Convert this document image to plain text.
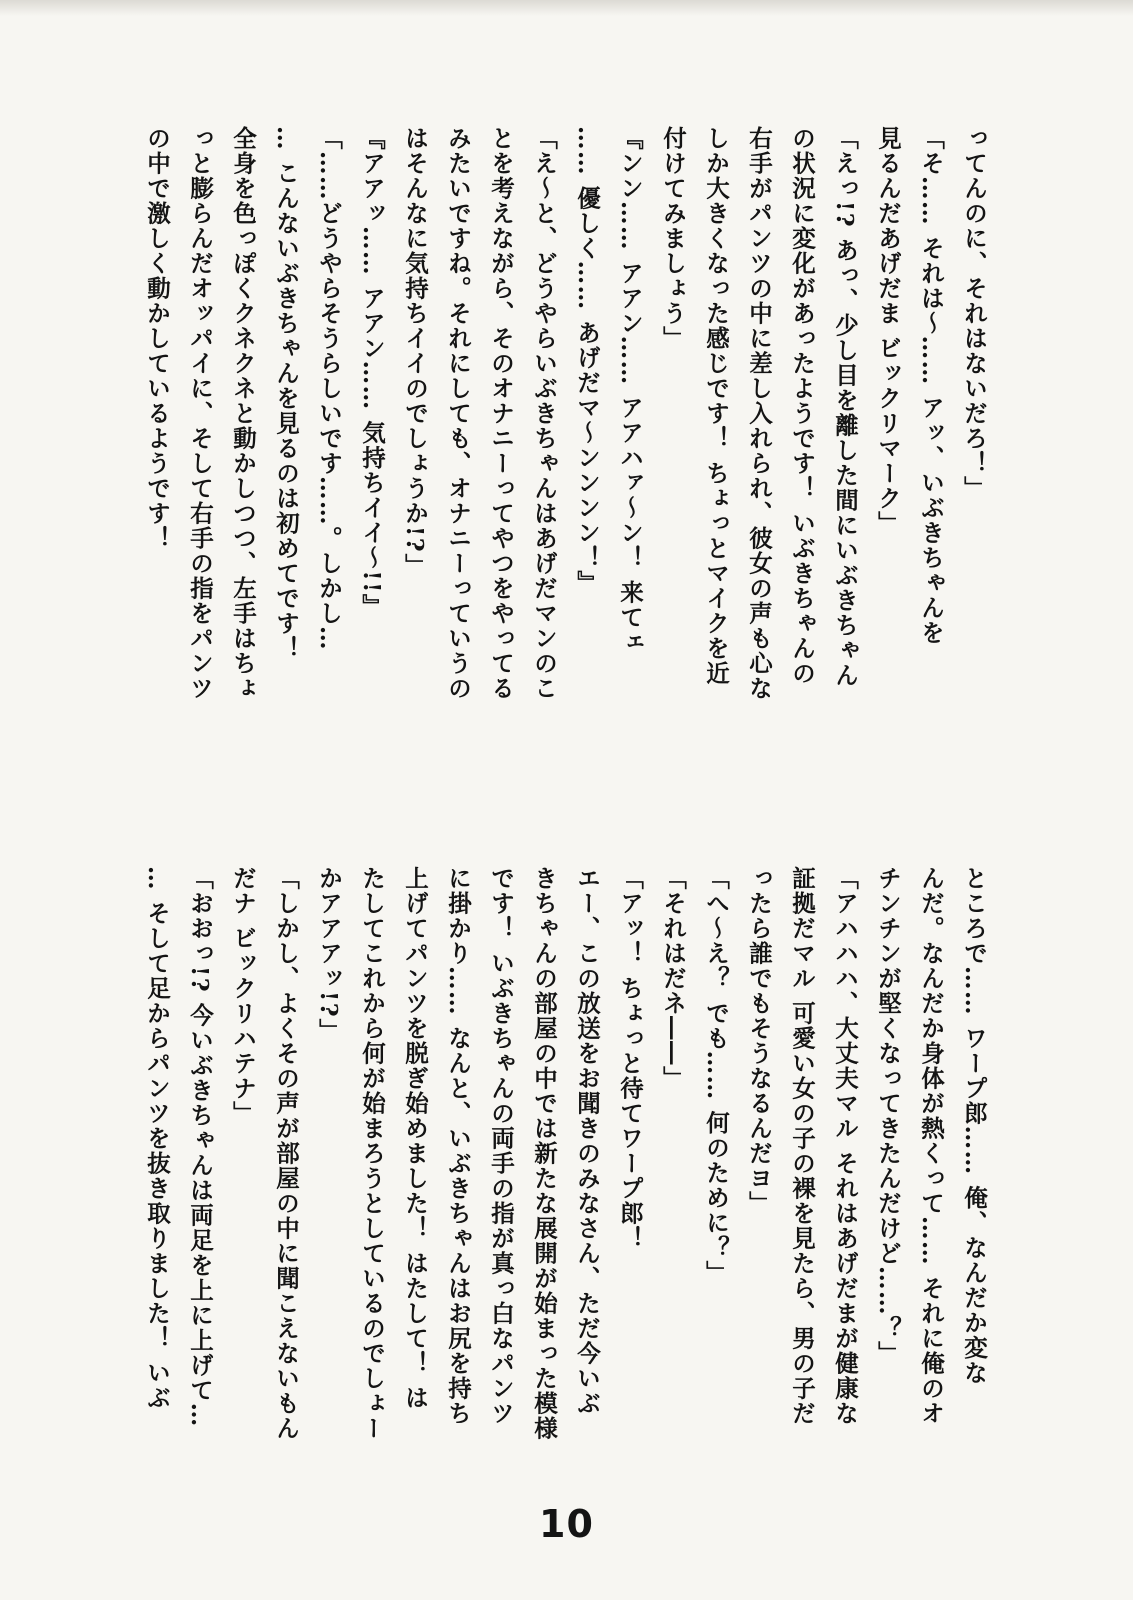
ってんのに、それはないだろ！」
「そ…… それは〜…… アッ、いぶきちゃんを
見るんだあげだま ビックリマーク」
「えっ!? あっ、少し目を離した間にいぶきちゃん
の状況に変化があったようです！ いぶきちゃんの
右手がパンツの中に差し入れられ、彼女の声も心な
しか大きくなった感じです！ ちょっとマイクを近
付けてみましょう」
『ンン…… アアン…… アアハァ〜ン！ 来てェ
…… 優しく…… あげだマ〜ンンンン！』
「え〜と、どうやらいぶきちゃんはあげだマンのこ
とを考えながら、そのオナニーってやつをやってる
みたいですね。それにしても、オナニーっていうの
はそんなに気持ちイイのでしょうか!?」
『アアッ…… アアン…… 気持ちイイ〜!!』
「……どうやらそうらしいです……。しかし…
… こんないぶきちゃんを見るのは初めてです！
全身を色っぽくクネクネと動かしつつ、左手はちょ
っと膨らんだオッパイに、そして右手の指をパンツ
の中で激しく動かしているようです！
ところで…… ワープ郎…… 俺、なんだか変な
んだ。なんだか身体が熱くって…… それに俺のオ
チンチンが堅くなってきたんだけど……？」
「アハハハ、大丈夫マル それはあげだまが健康な
証拠だマル 可愛い女の子の裸を見たら、男の子だ
ったら誰でもそうなるんだヨ」
「へ〜え？ でも…… 何のために？」
「それはだネ――」
「アッ！ ちょっと待てワープ郎！
エー、この放送をお聞きのみなさん、ただ今いぶ
きちゃんの部屋の中では新たな展開が始まった模様
です！ いぶきちゃんの両手の指が真っ白なパンツ
に掛かり…… なんと、いぶきちゃんはお尻を持ち
上げてパンツを脱ぎ始めました！ はたして！ は
たしてこれから何が始まろうとしているのでしょー
かアアアッ!?」
「しかし、よくその声が部屋の中に聞こえないもん
だナ ビックリハテナ」
「おおっ!? 今いぶきちゃんは両足を上に上げて…
… そして足からパンツを抜き取りました！ いぶ
10
